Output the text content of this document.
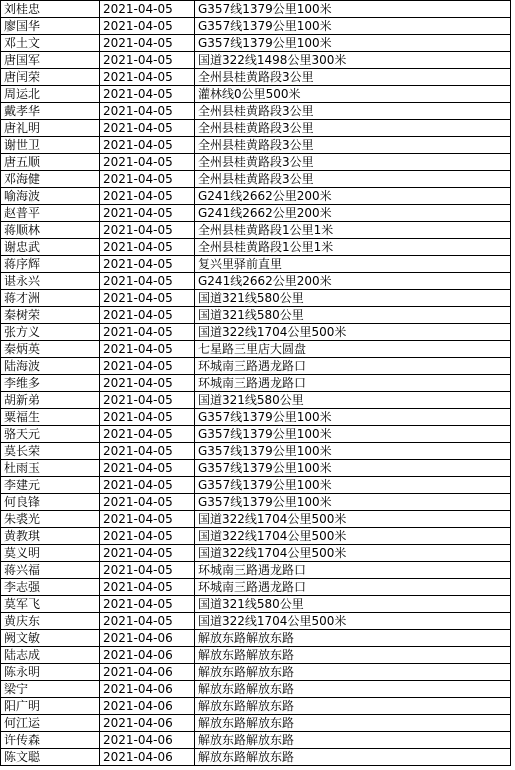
刘桂忠	2021-04-05	G357线1379公里100米
廖国华	2021-04-05	G357线1379公里100米
邓土文	2021-04-05	G357线1379公里100米
唐国军	2021-04-05	国道322线1498公里300米
唐闰荣	2021-04-05	全州县桂黄路段3公里
周运北	2021-04-05	灌林线0公里500米
戴孝华	2021-04-05	全州县桂黄路段3公里
唐礼明	2021-04-05	全州县桂黄路段3公里
谢世卫	2021-04-05	全州县桂黄路段3公里
唐五顺	2021-04-05	全州县桂黄路段3公里
邓海健	2021-04-05	全州县桂黄路段3公里
喻海波	2021-04-05	G241线2662公里200米
赵普平	2021-04-05	G241线2662公里200米
蒋顺林	2021-04-05	全州县桂黄路段1公里1米
谢忠武	2021-04-05	全州县桂黄路段1公里1米
蒋序辉	2021-04-05	复兴里驿前直里
谌永兴	2021-04-05	G241线2662公里200米
蒋才洲	2021-04-05	国道321线580公里
秦树荣	2021-04-05	国道321线580公里
张方义	2021-04-05	国道322线1704公里500米
秦炳英	2021-04-05	七星路三里店大圆盘
陆海波	2021-04-05	环城南三路遇龙路口
李维多	2021-04-05	环城南三路遇龙路口
胡新弟	2021-04-05	国道321线580公里
粟福生	2021-04-05	G357线1379公里100米
骆天元	2021-04-05	G357线1379公里100米
莫长荣	2021-04-05	G357线1379公里100米
杜雨玉	2021-04-05	G357线1379公里100米
李建元	2021-04-05	G357线1379公里100米
何良锋	2021-04-05	G357线1379公里100米
朱裘光	2021-04-05	国道322线1704公里500米
黄教琪	2021-04-05	国道322线1704公里500米
莫义明	2021-04-05	国道322线1704公里500米
蒋兴福	2021-04-05	环城南三路遇龙路口
李志强	2021-04-05	环城南三路遇龙路口
莫军飞	2021-04-05	国道321线580公里
黄庆东	2021-04-05	国道322线1704公里500米
阙文敏	2021-04-06	解放东路解放东路
陆志成	2021-04-06	解放东路解放东路
陈永明	2021-04-06	解放东路解放东路
梁宁	2021-04-06	解放东路解放东路
阳广明	2021-04-06	解放东路解放东路
何江运	2021-04-06	解放东路解放东路
许传森	2021-04-06	解放东路解放东路
陈文聪	2021-04-06	解放东路解放东路
